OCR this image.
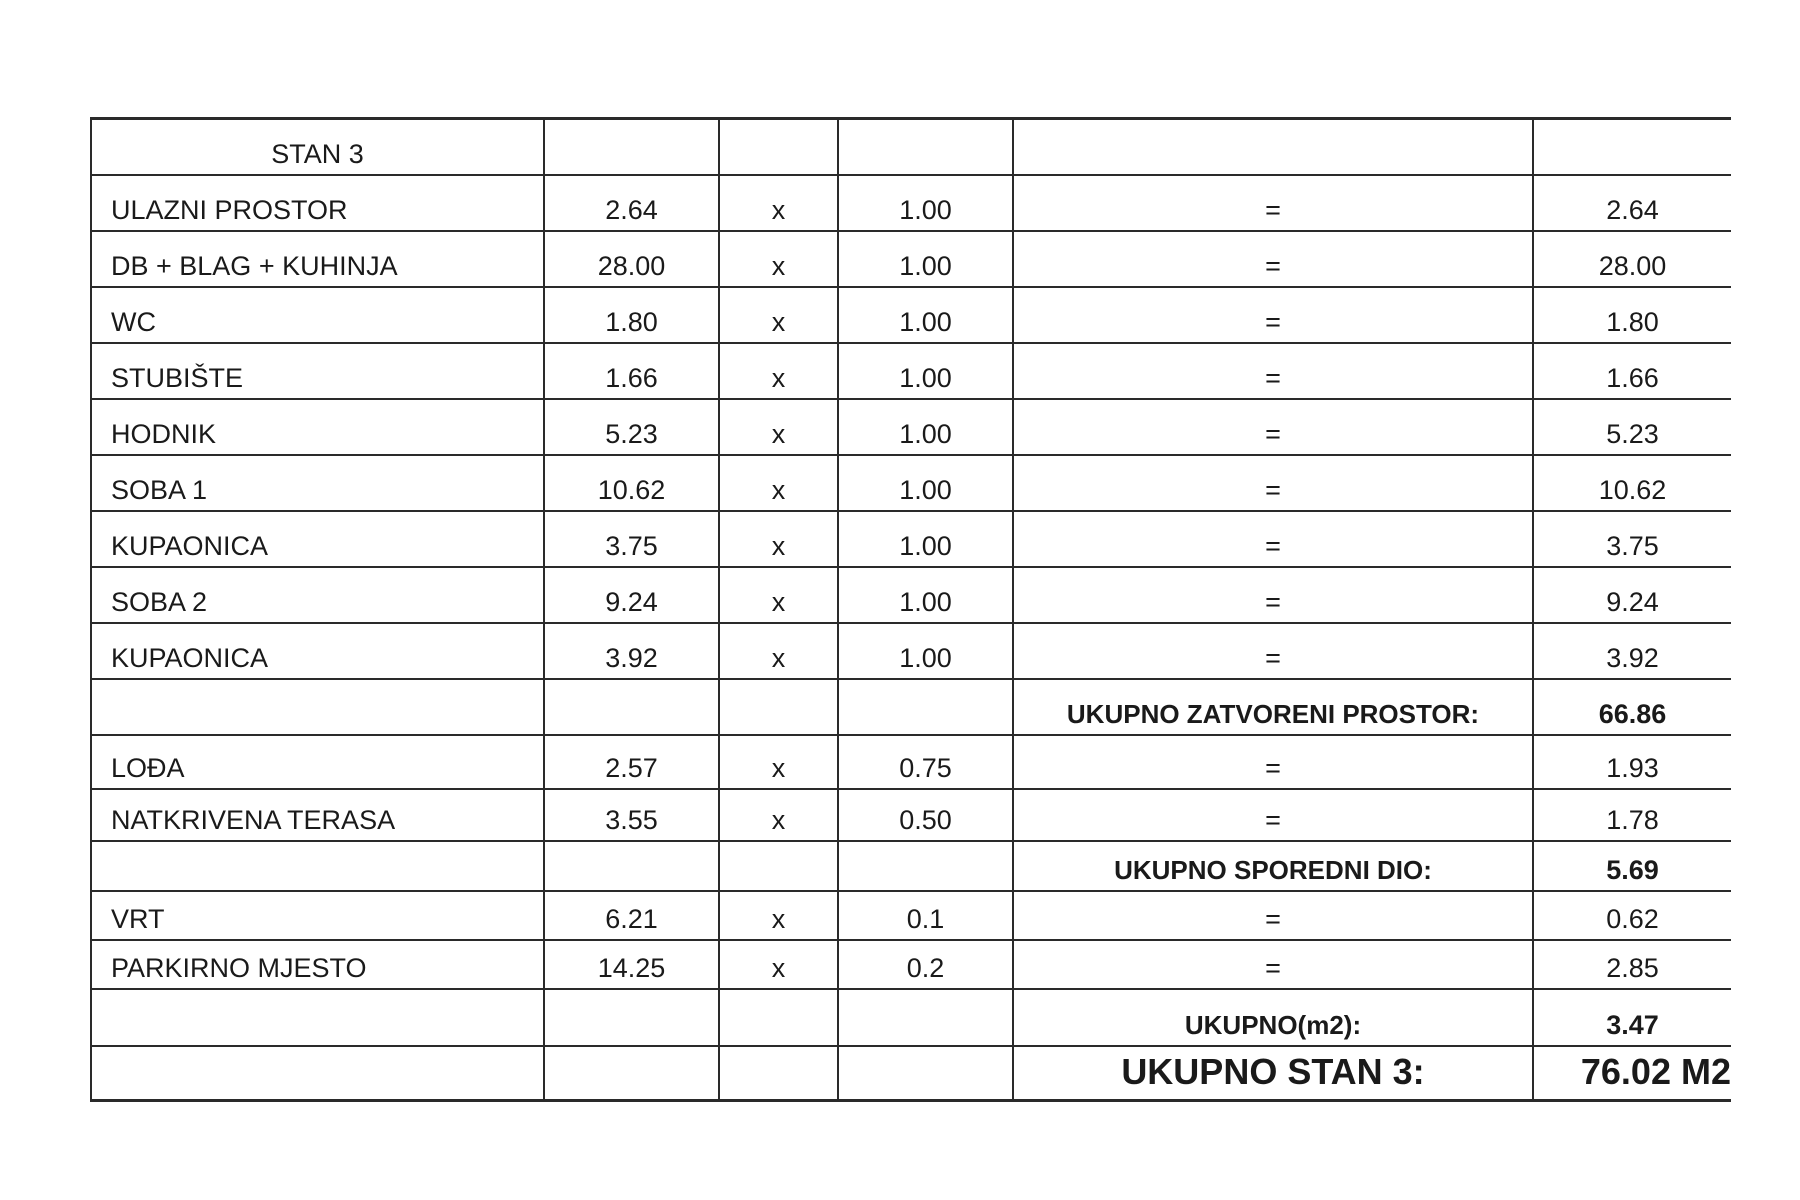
STAN 3					
ULAZNI PROSTOR	2.64	x	1.00	=	2.64
DB + BLAG + KUHINJA	28.00	x	1.00	=	28.00
WC	1.80	x	1.00	=	1.80
STUBIŠTE	1.66	x	1.00	=	1.66
HODNIK	5.23	x	1.00	=	5.23
SOBA 1	10.62	x	1.00	=	10.62
KUPAONICA	3.75	x	1.00	=	3.75
SOBA 2	9.24	x	1.00	=	9.24
KUPAONICA	3.92	x	1.00	=	3.92
				UKUPNO ZATVORENI PROSTOR:	66.86
LOĐA	2.57	x	0.75	=	1.93
NATKRIVENA TERASA	3.55	x	0.50	=	1.78
				UKUPNO SPOREDNI DIO:	5.69
VRT	6.21	x	0.1	=	0.62
PARKIRNO MJESTO	14.25	x	0.2	=	2.85
				UKUPNO(m2):	3.47
				UKUPNO STAN 3:	76.02 M2
